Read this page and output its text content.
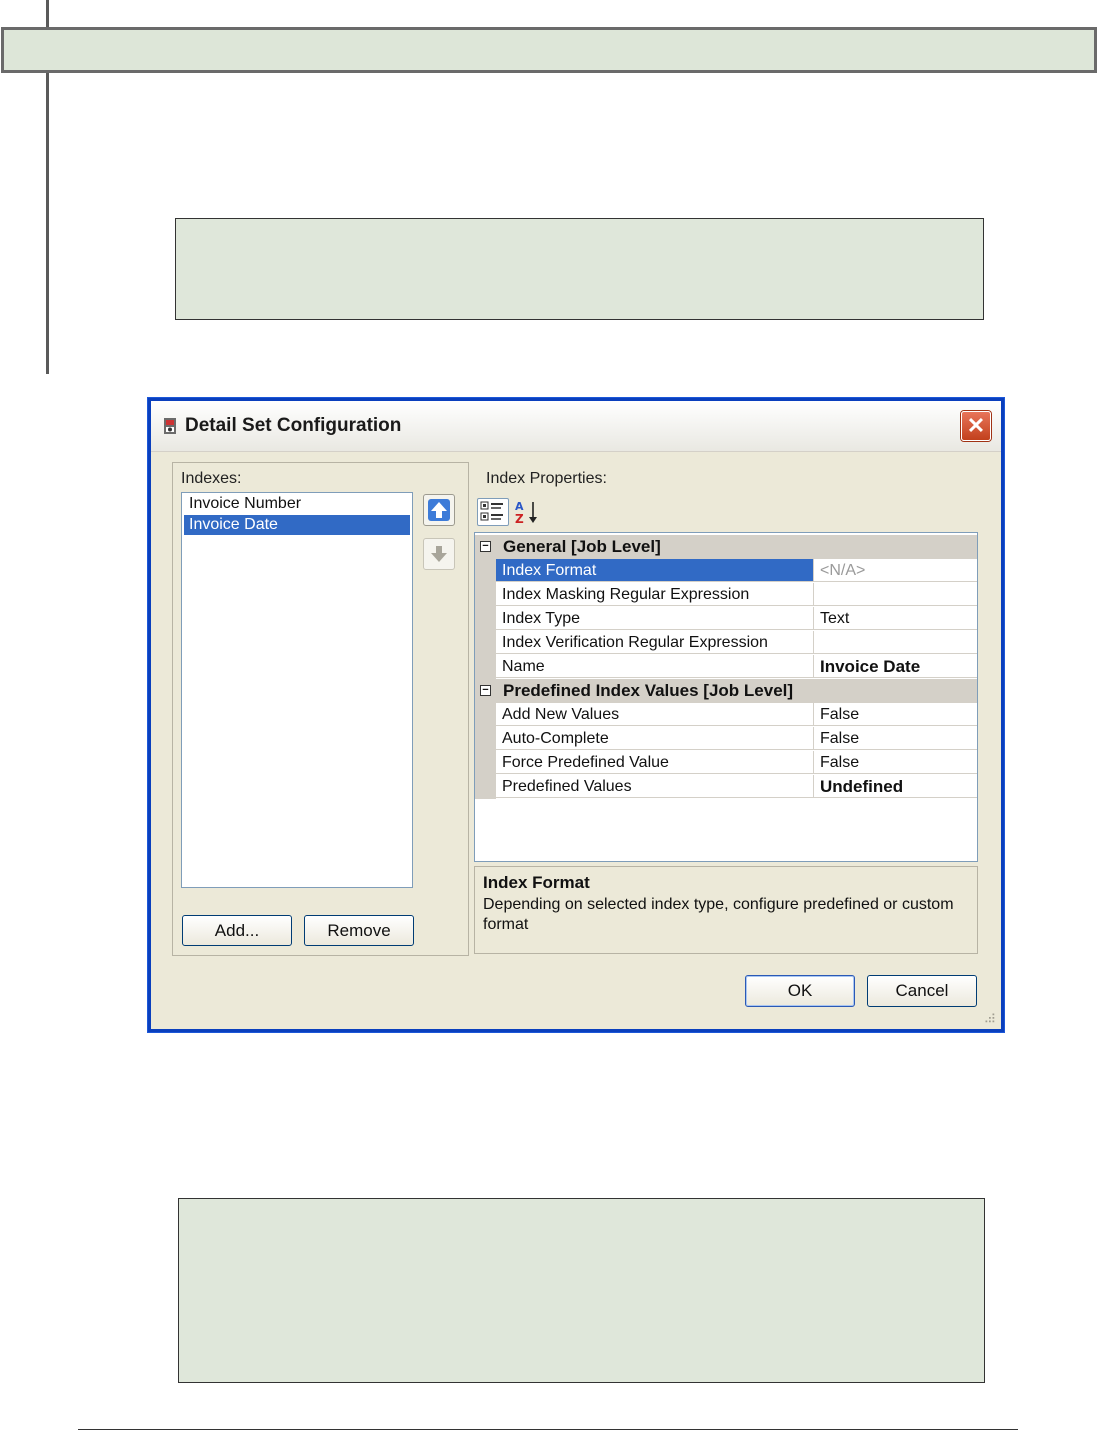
Detail Set Configuration	✕
Indexes:
Invoice Number
Invoice Date
Add...	Remove
Index Properties:
A
Z
− General [Job Level]
Index Format	<N/A>
Index Masking Regular Expression
Index Type	Text
Index Verification Regular Expression
Name	Invoice Date
− Predefined Index Values [Job Level]
Add New Values	False
Auto-Complete	False
Force Predefined Value	False
Predefined Values	Undefined
Index Format
Depending on selected index type, configure predefined or custom format
OK	Cancel
